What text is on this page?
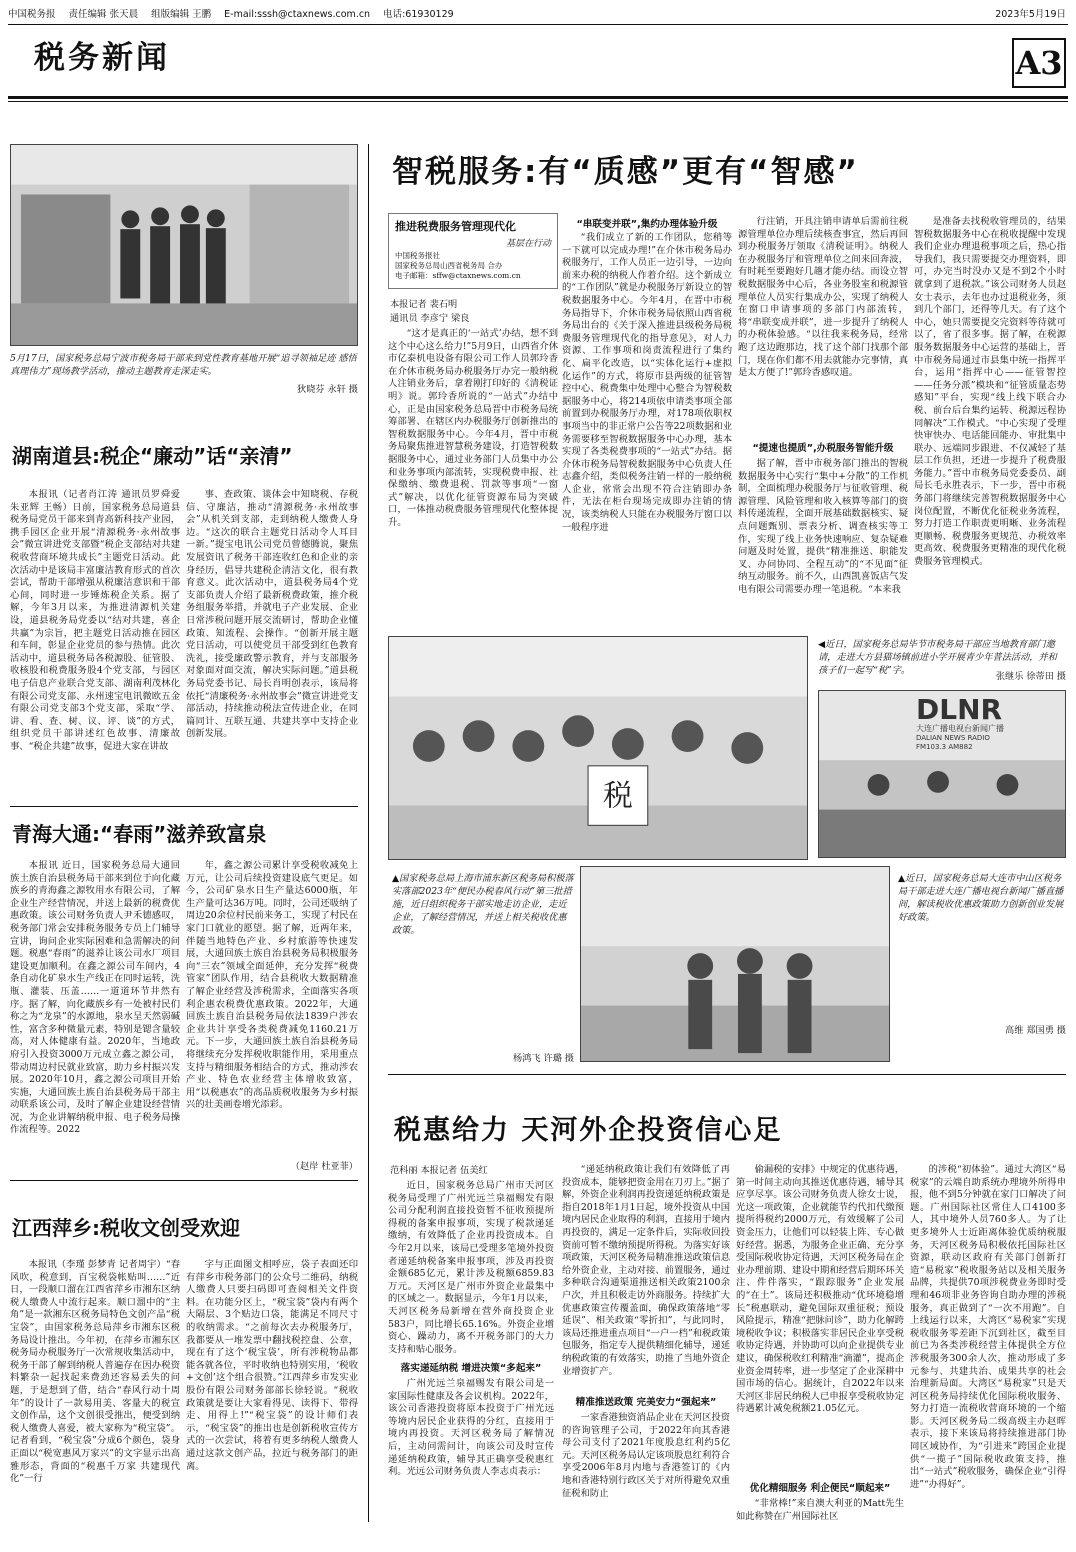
中国税务报 责任编辑 张天晨 组版编辑 王鹏 E-mail:sssh@ctaxnews.com.cn 电话:61930129	2023年5月19日
税务新闻	A3
5月17日，国家税务总局宁波市税务局干部来到党性教育基地开展“追寻领袖足迹 感悟真理伟力”现场教学活动，推动主题教育走深走实。
狄晓芬 永轩 摄
湖南道县:税企“廉动”话“亲清”

本报讯（记者肖江涛 通讯员罗舜爱 朱亚辉 王畅）日前，国家税务总局道县税务局党员干部来到青高新科技产业园，携手园区企业开展“清源税务·永州故事会”微宣讲进党支部暨“税企支部结对共建 税收营商环境共成长”主题党日活动。此次活动中是该局丰富廉洁教育形式的首次尝试，帮助干部增强从税廉洁意识和干部心间，同时进一步锤炼税企关系。据了解，今年3月以来，为推进清源机关建设，道县税务局党委以“结对共建，喜企共赢”为宗旨，把主题党日活动推在园区和车间，彰显企业党员的参与热情。此次活动中，道县税务局各税源股、征管股、收核股和税费服务股4个党支部，与园区电子信息产业联合党支部、湖南利茂林化有限公司党支部、永州速宝电讯微欧五金有限公司党支部3个党支部，采取“学、讲、看、查、树、议、评、谈”的方式，组织党员干部讲述红色故事、清廉故事、“税企共建”故事，促进大家在讲故

事、查政策、谈体会中知晓税、存税信、守廉洁，推动“清源税务·永州故事会”从机关到支部，走到纳税人缴费人身边。“这次的联合主题党日活动令人耳目一新。”提宝电讯公司党员曾德腾说，聚焦发展资讯了税务干部连收红色和企业的亲身经历，倡导共建税企清洁文化，很有教育意义。此次活动中，道县税务局4个党支部负责人介绍了最新税费政策，推介税务组服务举措，并就电子产业发展、企业日常涉税问题开展交流研讨，帮助企业懂政策、知流程、会操作。“创新开展主题党日活动，可以使党员干部受到红色教育洗礼，接受廉政警示教育，并与支部服务对象面对面交流，解决实际问题。”道县税务局党委书记、局长肖明创表示，该局将依托“清廉税务·永州故事会”微宣讲进党支部活动，持续推动税法宣传进企业，在同篇同计、互联互通、共建共享中支持企业创新发展。

青海大通:“春雨”滋养致富泉

本报讯 近日，国家税务总局大通回族土族自治县税务局干部来到位于向化藏族乡的青海鑫之源牧用水有限公司，了解企业生产经营情况，并送上最新的税费优惠政策。该公司财务负责人尹禾德感叹，税务部门常会安排税务服务专员上门辅导宣讲，询问企业实际困难和急需解决的问题。税惠“春雨”的滋养让该公司水厂项目建设更加顺利。在鑫之源公司车间内，4条自动化矿泉水生产线正在同时运转，洗瓶、灌装、压盖……一道道环节井然有序。据了解，向化藏族乡有一处被村民们称之为“龙泉”的水源地，泉水呈天然弱碱性，富含多种微量元素，特别是锶含量较高，对人体健康有益。2020年，当地政府引入投资3000万元成立鑫之源公司，带动周边村民就业致富，助力乡村振兴发展。2020年10月，鑫之源公司项目开始实施，大通回族土族自治县税务局干部主动联系该公司，及时了解企业建设经营情况，为企业讲解纳税申报、电子税务局操作流程等。2022

年，鑫之源公司累计享受税收减免上万元，让公司后续投资建设底气更足。如今，公司矿泉水日生产量达6000瓶，年生产量可达36万吨。同时，公司还吸纳了周边20余位村民前来务工，实现了村民在家门口就业的愿望。据了解，近两年来，伴随当地特色产业、乡村旅游等快速发展，大通回族土族自治县税务局积极服务向“三农”领域全面延伸，充分发挥“税费管家”团队作用，结合县税收大数据精准了解企业经营及涉税需求，全面落实各项利企惠农税费优惠政策。2022年，大通回族土族自治县税务局依法1839户涉农企业共计享受各类税费减免1160.21万元。下一步，大通回族土族自治县税务局将继续充分发挥税收职能作用，采用重点支持与精细服务相结合的方式，推动涉农产业、特色农业经营主体增收致富，用“以税惠农”的高品质税收服务为乡村振兴的壮美画卷增光添彩。

（赵岸 杜亚菲）
江西萍乡:税收文创受欢迎

本报讯（李瑾 彭梦青 记者周宇）“春风吹，税意到，百宝税袋帐贴叫……”近日，一段顺口溜在江西省萍乡市湘东区纳税人缴费人中流行起来。顺口溜中的“主角”是一款湘东区税务局特色文创产品“税宝袋”，由国家税务总局萍乡市湘东区税务局设计推出。今年初，在萍乡市湘东区税务局办税服务厅一次常规收集活动中，税务干部了解到纳税人普遍存在因办税资料繁杂一起找起来费劲还容易丢失的问题，于是想到了借，结合“春风行动十周年”的设计了一款易用美、客量大的税宣文创作品，这个文创很受推出，便受到纳税人缴费人喜爱，被大家称为“税宝袋”。记者看到，“税宝袋”分成6个颜色，袋身正面以“税宽惠风万家兴”的文字显示出高雅形态，背面的“税惠千万家 共建现代化”一行

字与正面图文相呼应，袋子表面还印有萍乡市税务部门的公众号二维码，纳税人缴费人只要扫码即可查阅相关文件资料。在功能分区上，“税宝袋”袋内有两个大隔层、3个贴边口袋，能满足不同尺寸的收纳需求。“之前每次去办税服务厅，我都要从一堆发票中翻找税控盘、公章，现在有了这个‘税宝袋’，所有涉税物品都能各就各位，平时收纳也特别实用，‘税收+文创’这个组合很赞。”江西萍乡市发实业股份有限公司财务部部长徐轻说。“税收政策就是要让大家看得见、读得下、带得走、用得上!”“税宝袋”的设计师们表示，“税宝袋”的推出也是创新税收宣传方式的一次尝试，将着有更多纳税人缴费人通过这款文创产品，拉近与税务部门的距离。

智税服务:有“质感”更有“智感”
推进税费服务管理现代化
基层在行动
中国税务报社
国家税务总局山西省税务局 合办
电子邮箱：sffw@ctaxnews.com.cn
本报记者 裴石明
通讯员 李彦宁 梁良

“这才是真正的‘一站式’办结，想不到这个中心这么给力!”5月9日，山西省介休市亿泰机电设备有限公司工作人员郭玲香在介休市税务局办税服务厅办完一般纳税人注销业务后，拿着刚打印好的《清税证明》说。郭玲香所说的“一站式”办结中心，正是由国家税务总局晋中市税务局统筹部署、在辖区内办税服务厅创新推出的智税数据服务中心。今年4月，晋中市税务局聚焦推进智慧税务建设，打造智税数据服务中心，通过业务部门人员集中办公和业务事项内部流转，实现税费申报、社保缴纳、缴费退税、罚款等事项“一窗式”解决，以优化征管资源布局为突破口，一体推动税费服务管理现代化整体提升。

“串联变并联”,集约办理体验升级

“我们成立了新的工作团队，您稍等一下就可以完成办理!”在介休市税务局办税服务厅，工作人员正一边引导，一边向前来办税的纳税人作着介绍。这个新成立的“工作团队”就是办税服务厅新设立的智税数据服务中心。今年4月，在晋中市税务局指导下，介休市税务局依照山西省税务局出台的《关于深入推进县级税务局税费服务管理现代化的指导意见》，对人力资源、工作事项和岗责流程进行了集约化、扁平化改造，以“实体化运行+虚拟化运作”的方式，将原市县两级的征管智控中心、税费集中处理中心整合为智税数据服务中心，将214项依申请类事项全部前置到办税服务厅办理，对178项依职权事项当中的非正常户公告等22项数据和业务需要移至智税数据服务中心办理，基本实现了各类税费事项的“一站式”办结。据介休市税务局智税数据服务中心负责人任志鑫介绍，类似税务注销一样的一般纳税人企业，常常会出现不符合注销即办条件，无法在柜台现场完成即办注销的情况，该类纳税人只能在办税服务厅窗口以一般程序进

行注销，开具注销申请单后需前往税源管理单位办理后续核查事宜，然后再回到办税服务厅领取《清税证明》。纳税人在办税服务厅和管理单位之间来回奔波，有时耗至要跑好几趟才能办结。而设立智税数据服务中心后，各业务股室和税源管理单位人员实行集成办公，实现了纳税人在窗口申请事项的多部门内部流转，将“串联变成并联”，进一步提升了纳税人的办税体验感。“以往我来税务局，经常跑了这边跑那边，找了这个部门找那个部门，现在你们都不用去就能办完事情，真是太方便了!”郭玲香感叹道。

“提速也提质”,办税服务智能升级

据了解，晋中市税务部门推出的智税数据服务中心实行“集中+分散”的工作机制，全面梳理办税服务厅与征收管理、税源管理、风险管理和收入核算等部门的资料传递流程，全面开展基础数据核实、疑点问题甄别、票表分析、调查核实等工作，实现了线上业务快速响应、复杂疑难问题及时处置，提供“精准推送、职能发叉、办问协同、全程互动”的“不见面”征纳互动服务。前不久，山西凯喜饭店气发电有限公司需要办理一笔退税。“本来我

是准备去找税收管理员的，结果智税数据服务中心在税收提醒中发现我们企业办理退税事项之后，热心指导我们，我只需要提交办理资料，即可，办完当时没办又是不到2个小时就拿到了退税款。”该公司财务人员赵女士表示，去年也办过退税业务，须到几个部门，还得等几天。有了这个中心，她只需要提交完资料等待就可以了，省了很多事。据了解，在税源服务数据服务中心运营的基础上，晋中市税务局通过市县集中统一指挥平台，运用“指挥中心——征管智控——任务分派”模块和“征管质量态势感知”平台，实现“线上线下联合办税、前台后台集约运转、税源远程协同解决”工作模式。“中心实现了受理快审快办、电话能回能办、审批集中联办、远端同步跟进、不仅减轻了基层工作负担，还进一步提升了税费服务能力。”晋中市税务局党委委员、副局长毛永胜表示，下一步，晋中市税务部门将继续完善智税数据服务中心岗位配置，不断优化征税业务流程，努力打造工作职责更明晰、业务流程更顺畅、税费服务更规范、办税效率更高效、税费服务更精准的现代化税费服务管理模式。

税
DLNR
大连广播电视台新闻广播
DALIAN NEWS RADIO
FM103.3 AM882
◀近日，国家税务总局毕节市税务局干部应当地教育部门邀请，走进大方县猫场镇前进小学开展青少年普法活动，并和孩子们一起写“税”字。
张继乐 徐蒂田 摄
▲国家税务总局上海市浦东新区税务局积极落实落部2023年“便民办税春风行动”第三批措施，近日组织税务干部实地走访企业，走近企业，了解经营情况，并送上相关税收优惠政策。
杨鸿飞 许璐 摄
▲近日，国家税务总局大连市中山区税务局干部走进大连广播电视台新闻广播直播间，解读税收优惠政策助力创新创业发展好政策。
高维 郑国勇 摄
税惠给力 天河外企投资信心足
范科丽 本报记者 伍美红

近日，国家税务总局广州市天河区税务局受理了广州光远兰泉福赐发有限公司分配利润直接投资暂不征收预提所得税的备案申报事项，实现了税款递延缴纳，有效降低了企业再投资成本。自今年2月以来，该局已受理多笔境外投资者递延纳税备案申报事项，涉及再投资金额685亿元，累计涉及税额6859.83万元。天河区是广州市外资企业最集中的区域之一。数据显示，今年1月以来，天河区税务局新增在营外商投资企业583户，同比增长65.16%。外资企业增资心、躁动力，离不开税务部门的大力支持和贴心服务。

落实递延纳税 增进决策“多起来”

广州光远兰泉福赐发有限公司是一家国际性健康及各会议机构。2022年，该公司香港投资将原本投资于广州光远等境内居民企业获得的分红，直接用于境内再投资。天河区税务局了解情况后，主动问需问计，向该公司及时宣传递延纳税政策，辅导其正确享受税惠红利。光远公司财务负责人李志贞表示：

“递延纳税政策让我们有效降低了再投资成本，能够把资金用在刀刃上。”据了解，外资企业利润再投资递延纳税政策是指自2018年1月1日起，境外投资从中国境内居民企业取得的利润，直接用于境内再投资的，满足一定条件后，实际收回投资前可暂不缴纳预提所得税。为落实好该项政策，天河区税务局精准推送政策信息给外资企业，主动对接、前置服务，通过多种联合沟通渠道推送相关政策2100余户次，并且积极走访外商服务。持续扩大优惠政策宣传覆盖面，确保政策落地“零延误”、相关政策“零折扣”，与此同时，该局还推进重点项目“一户一档”和税政策包服务，指定专人提供精细化辅导，递延纳税政策的有效落实，助推了当地外资企业增资扩产。

精准推送政策 完美安力“强起来”

一家香港独资消品企业在天河区投资的咨询管理子公司，于2022年向其香港母公司支付了2021年度股息红利约5亿元。天河区税务局认定该项股息红利符合享受2006年8月内地与香港签订的《内地和香港特别行政区关于对所得避免双重征税和防止

偷漏税的安排》中规定的优惠待遇，第一时间主动向其推送优惠待遇，辅导其应享尽享。该公司财务负责人徐女士说，光这一项政策，企业就能节约代扣代缴预提所得税约2000万元，有效缓解了公司资金压力，让他们可以轻装上阵、专心做好经营。据悉，为服务企业正确、充分享受国际税收协定待遇，天河区税务局在企业办理前期、建设中期和经营后期环环关注、件件落实，“跟踪服务”企业发展的“在土”。该局还积极推动“优环境稳增长”税惠联动，避免国际双重征税；预设风险提示，精准“把脉问诊”，助力化解跨境税收争议；积极落实非居民企业享受税收协定待遇，并协助可以向企业提供专业建议，确保税收红利精准“滴灌”，提高企业资金周转率，进一步坚定了企业深耕中国市场的信心。据统计，自2022年以来天河区非居民纳税人已申报享受税收协定待遇累计减免税额21.05亿元。

优化精细服务 利企便民“顺起来”

“非常棒!”来自澳大利亚的Matt先生如此称赞在广州国际社区

的涉税“初体验”。通过大湾区“易税家”的云端自助系统办理境外所得申报，他不到5分钟就在家门口解决了问题。广州国际社区常住人口4100多人，其中境外人员760多人。为了让更多境外人士近距离体验优质纳税服务，天河区税务局积极依托国际社区资源，联动区政府有关部门创新打造“易税家”税收服务站以及相关服务品牌，共提供70项涉税费业务即时受理和46项非业务咨询自助办理的涉税服务，真正做到了“一次不用跑”。自上线运行以来，大湾区“易税家”实现税收服务零差距下沉到社区，截至目前已为各类涉税经营主体提供全方位涉税服务300余人次，推动形成了多元参与、共建共治、成果共享的社会治理新局面。大湾区“易税家”只是天河区税务局持续优化国际税收服务、努力打造一流税收营商环境的一个缩影。天河区税务局二级高级主办赵晖表示，接下来该局将持续推进部门协同区域协作，为“引进来”跨国企业提供“一揽子”国际税收政策支持，推出“一站式”税收服务，确保企业“引得进”“办得好”。
